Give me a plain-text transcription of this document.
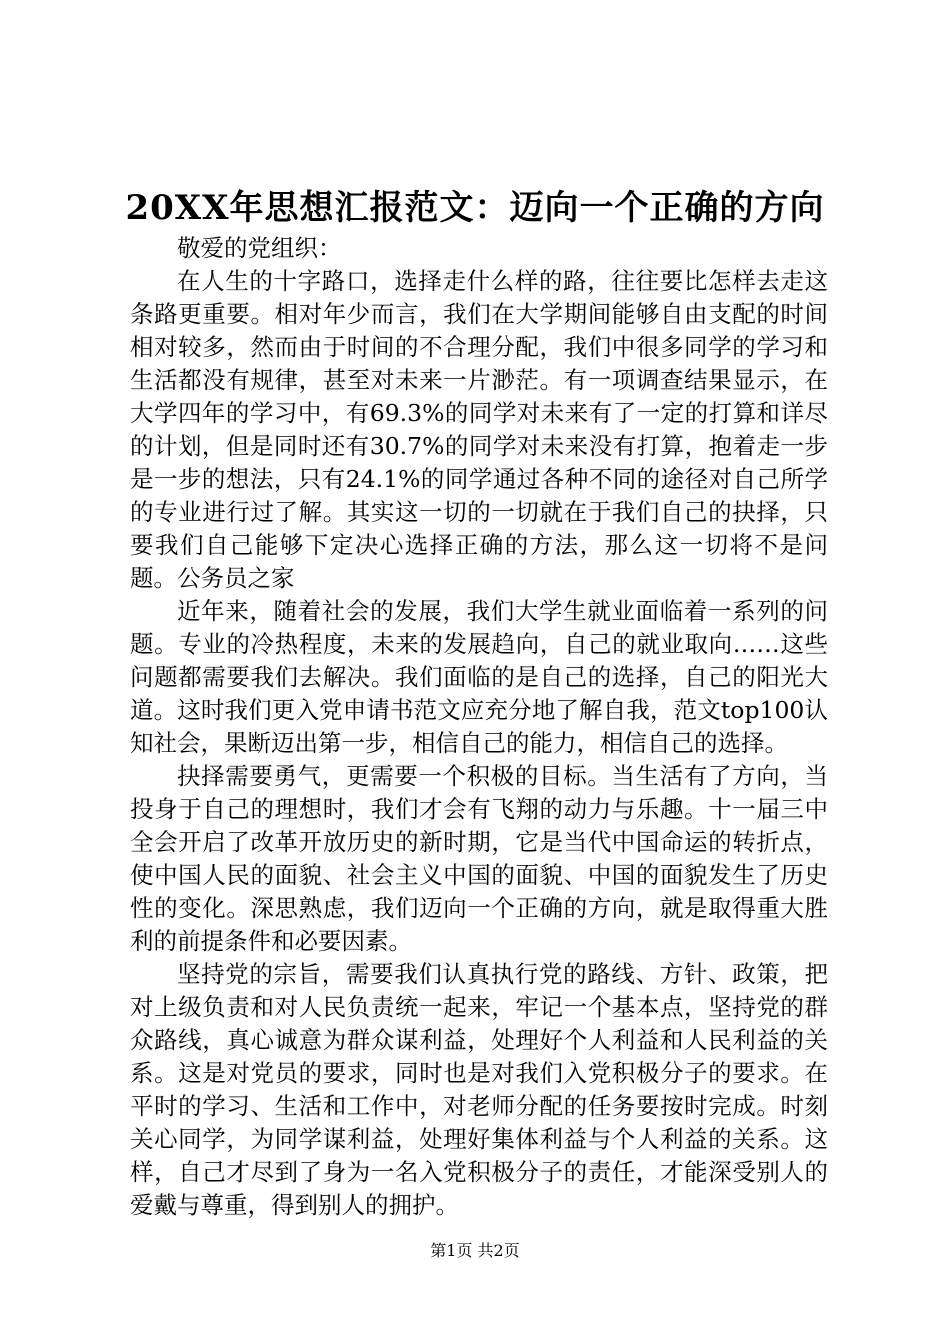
20XX年思想汇报范文：迈向一个正确的方向

敬爱的党组织：

在人生的十字路口，选择走什么样的路，往往要比怎样去走这条路更重要。相对年少而言，我们在大学期间能够自由支配的时间相对较多，然而由于时间的不合理分配，我们中很多同学的学习和生活都没有规律，甚至对未来一片渺茫。有一项调查结果显示，在大学四年的学习中，有69.3%的同学对未来有了一定的打算和详尽的计划，但是同时还有30.7%的同学对未来没有打算，抱着走一步是一步的想法，只有24.1%的同学通过各种不同的途径对自己所学的专业进行过了解。其实这一切的一切就在于我们自己的抉择，只要我们自己能够下定决心选择正确的方法，那么这一切将不是问题。公务员之家

近年来，随着社会的发展，我们大学生就业面临着一系列的问题。专业的冷热程度，未来的发展趋向，自己的就业取向……这些问题都需要我们去解决。我们面临的是自己的选择，自己的阳光大道。这时我们更入党申请书范文应充分地了解自我，范文top100认知社会，果断迈出第一步，相信自己的能力，相信自己的选择。

抉择需要勇气，更需要一个积极的目标。当生活有了方向，当投身于自己的理想时，我们才会有飞翔的动力与乐趣。十一届三中全会开启了改革开放历史的新时期，它是当代中国命运的转折点，使中国人民的面貌、社会主义中国的面貌、中国的面貌发生了历史性的变化。深思熟虑，我们迈向一个正确的方向，就是取得重大胜利的前提条件和必要因素。

坚持党的宗旨，需要我们认真执行党的路线、方针、政策，把对上级负责和对人民负责统一起来，牢记一个基本点，坚持党的群众路线，真心诚意为群众谋利益，处理好个人利益和人民利益的关系。这是对党员的要求，同时也是对我们入党积极分子的要求。在平时的学习、生活和工作中，对老师分配的任务要按时完成。时刻关心同学，为同学谋利益，处理好集体利益与个人利益的关系。这样，自己才尽到了身为一名入党积极分子的责任，才能深受别人的爱戴与尊重，得到别人的拥护。

第1页 共2页
